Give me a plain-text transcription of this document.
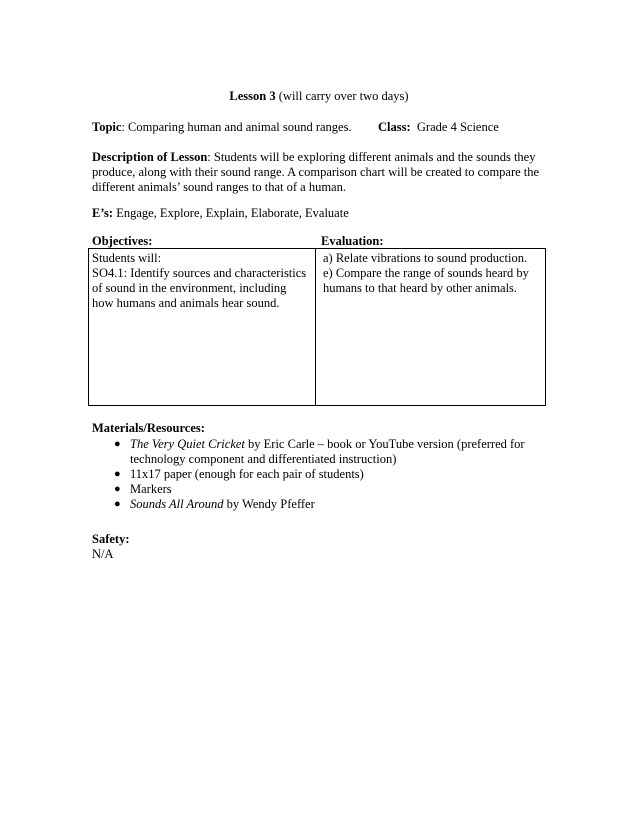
Lesson 3 (will carry over two days)
Topic: Comparing human and animal sound ranges. Class: Grade 4 Science
Description of Lesson: Students will be exploring different animals and the sounds they produce, along with their sound range. A comparison chart will be created to compare the different animals’ sound ranges to that of a human.
E’s: Engage, Explore, Explain, Elaborate, Evaluate
Objectives:	Evaluation:
Students will:
SO4.1: Identify sources and characteristics of sound in the environment, including how humans and animals hear sound.
a) Relate vibrations to sound production.
e) Compare the range of sounds heard by humans to that heard by other animals.
Materials/Resources:
● The Very Quiet Cricket by Eric Carle – book or YouTube version (preferred for technology component and differentiated instruction)
● 11x17 paper (enough for each pair of students)
● Markers
● Sounds All Around by Wendy Pfeffer
Safety:
N/A
